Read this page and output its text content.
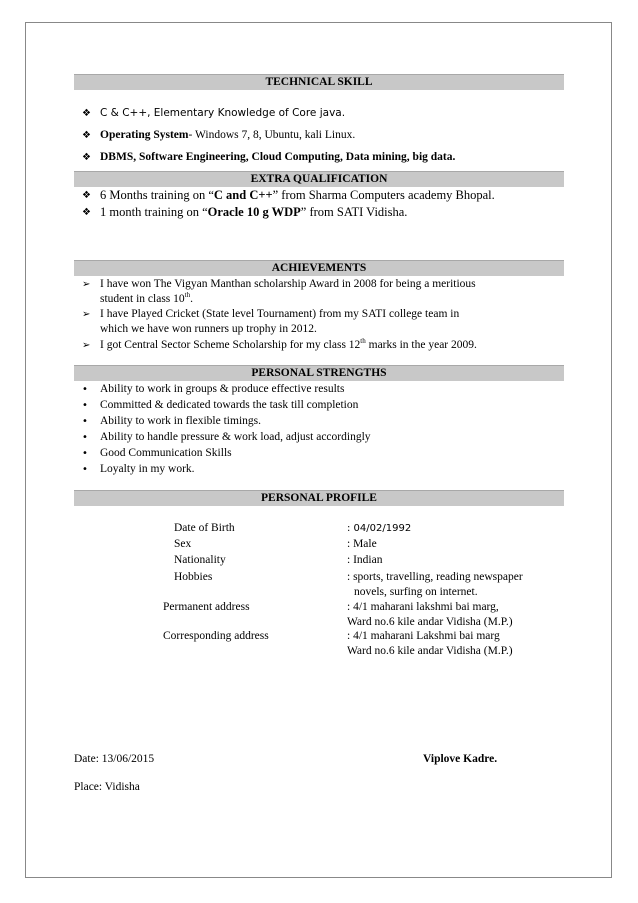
TECHNICAL SKILL
❖ C & C++, Elementary Knowledge of Core java.
❖ Operating System- Windows 7, 8, Ubuntu, kali Linux.
❖ DBMS, Software Engineering, Cloud Computing, Data mining, big data.
EXTRA QUALIFICATION
❖ 6 Months training on “C and C++” from Sharma Computers academy Bhopal.
❖ 1 month training on “Oracle 10 g WDP” from SATI Vidisha.
ACHIEVEMENTS
➢ I have won The Vigyan Manthan scholarship Award in 2008 for being a meritious
student in class 10th.
➢ I have Played Cricket (State level Tournament) from my SATI college team in
which we have won runners up trophy in 2012.
➢ I got Central Sector Scheme Scholarship for my class 12th marks in the year 2009.
PERSONAL STRENGTHS
• Ability to work in groups & produce effective results
• Committed & dedicated towards the task till completion
• Ability to work in flexible timings.
• Ability to handle pressure & work load, adjust accordingly
• Good Communication Skills
• Loyalty in my work.
PERSONAL PROFILE
Date of Birth	: 04/02/1992
Sex	: Male
Nationality	: Indian
Hobbies	: sports, travelling, reading newspaper
novels, surfing on internet.
Permanent address	: 4/1 maharani lakshmi bai marg,
Ward no.6 kile andar Vidisha (M.P.)
Corresponding address	: 4/1 maharani Lakshmi bai marg
Ward no.6 kile andar Vidisha (M.P.)
Date: 13/06/2015	Viplove Kadre.
Place: Vidisha
